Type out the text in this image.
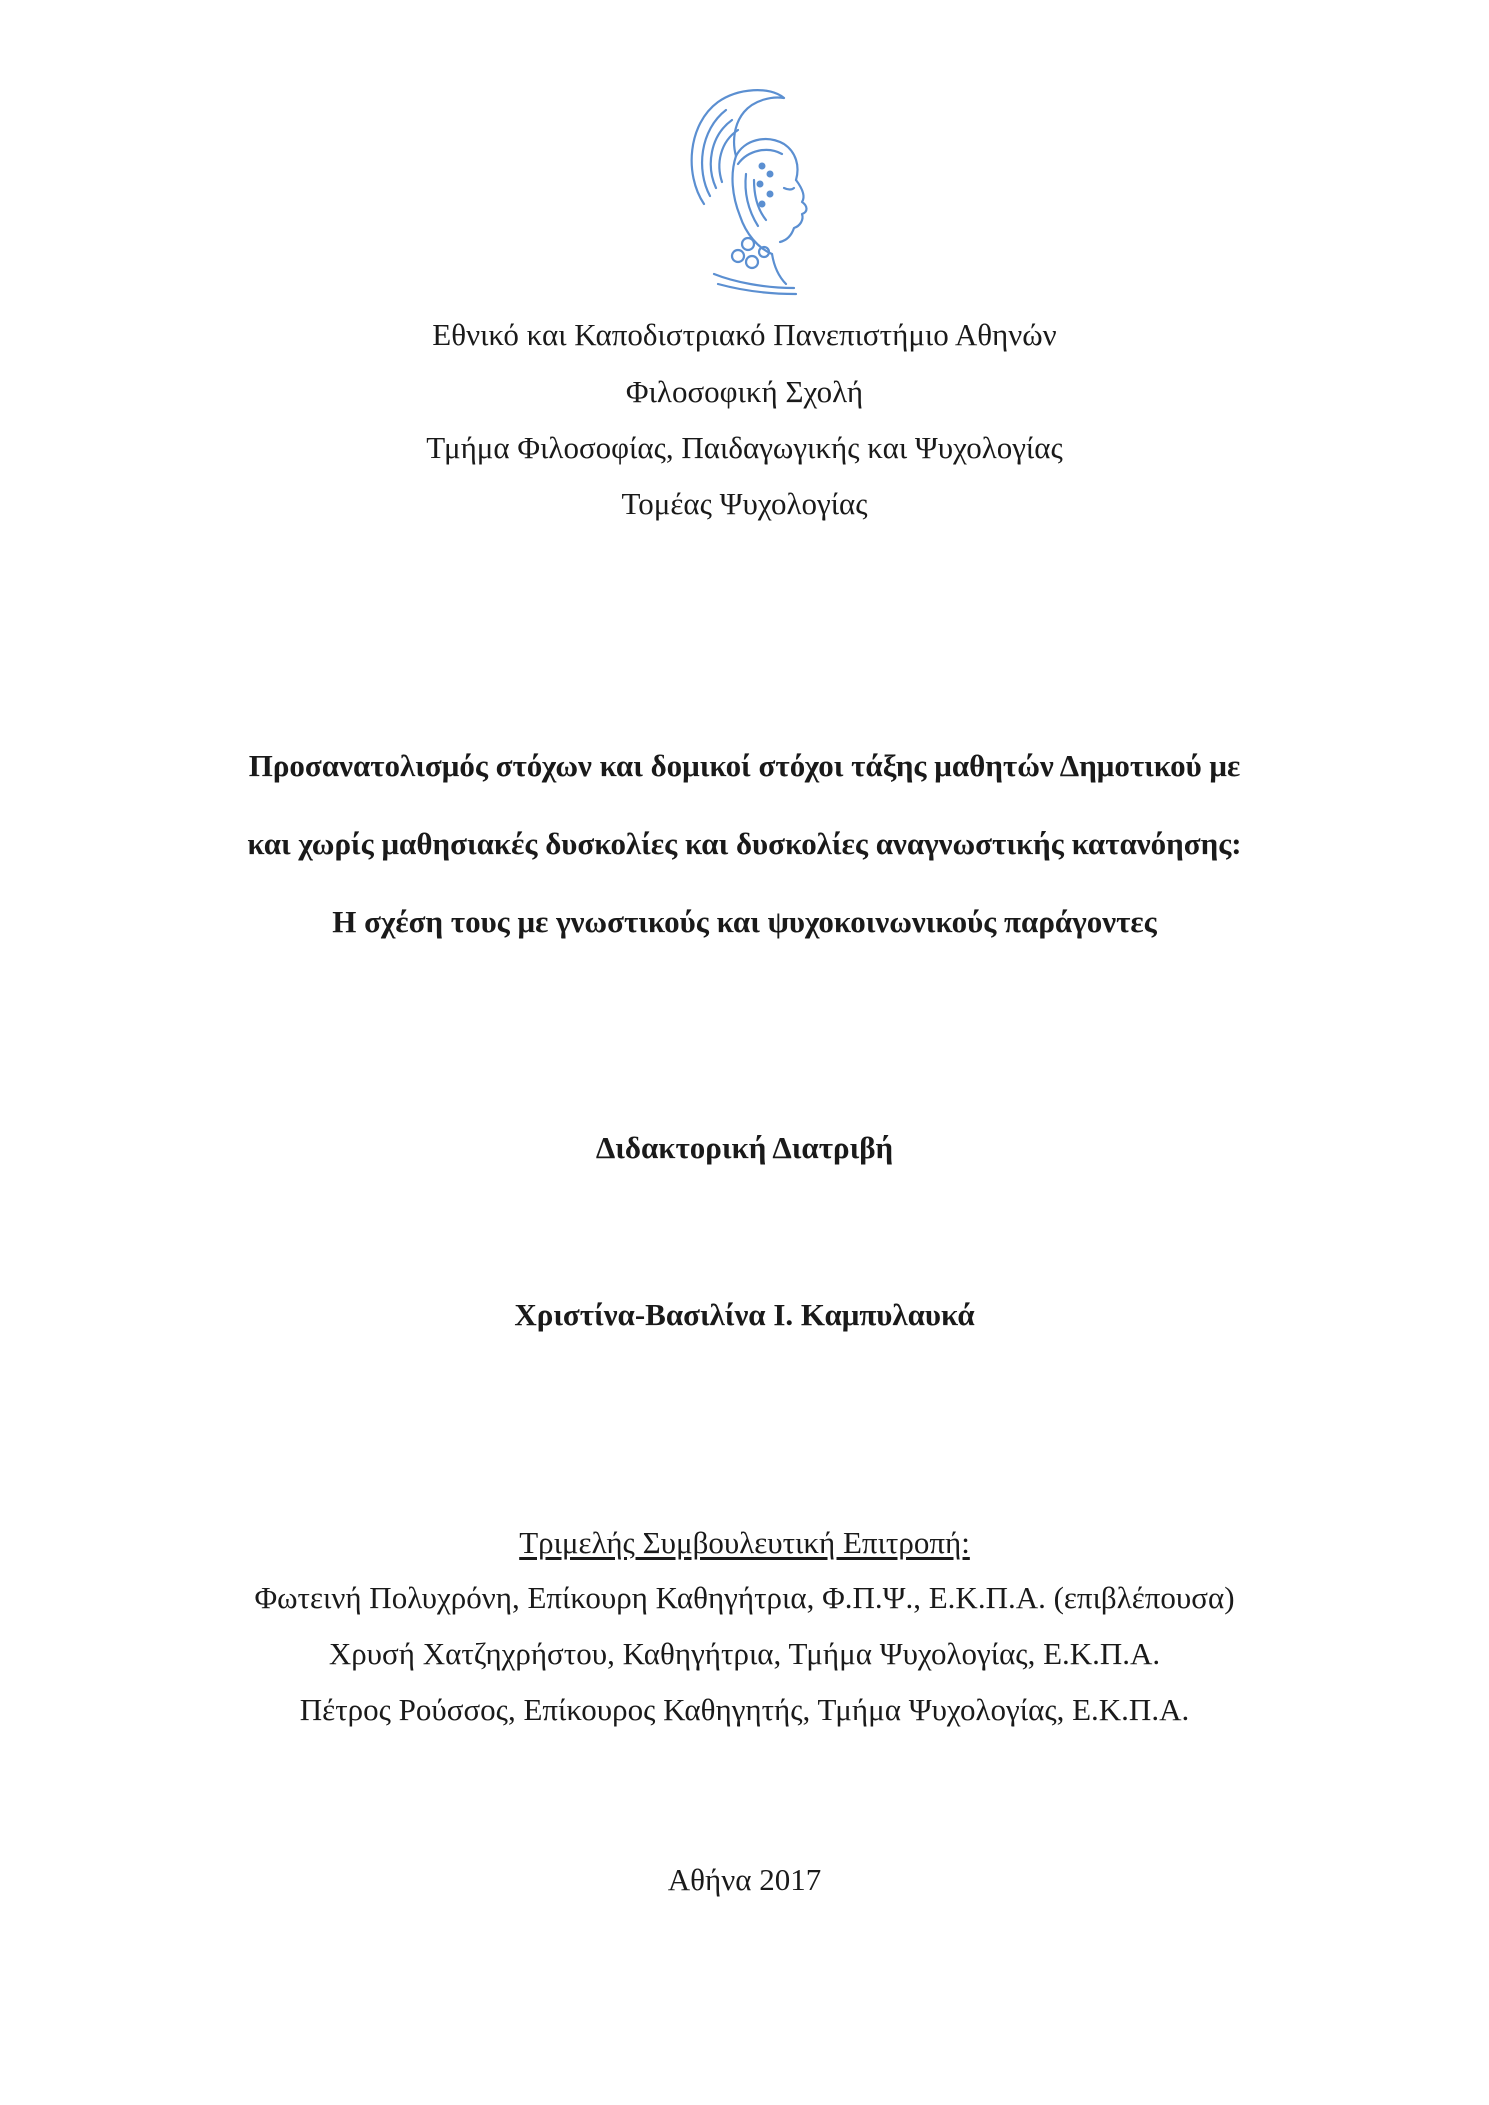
Εθνικό και Καποδιστριακό Πανεπιστήμιο Αθηνών
Φιλοσοφική Σχολή
Τμήμα Φιλοσοφίας, Παιδαγωγικής και Ψυχολογίας
Τομέας Ψυχολογίας
Προσανατολισμός στόχων και δομικοί στόχοι τάξης μαθητών Δημοτικού με
και χωρίς μαθησιακές δυσκολίες και δυσκολίες αναγνωστικής κατανόησης:
Η σχέση τους με γνωστικούς και ψυχοκοινωνικούς παράγοντες
Διδακτορική Διατριβή
Χριστίνα-Βασιλίνα Ι. Καμπυλαυκά
Τριμελής Συμβουλευτική Επιτροπή:
Φωτεινή Πολυχρόνη, Επίκουρη Καθηγήτρια, Φ.Π.Ψ., Ε.Κ.Π.Α. (επιβλέπουσα)
Χρυσή Χατζηχρήστου, Καθηγήτρια, Τμήμα Ψυχολογίας, Ε.Κ.Π.Α.
Πέτρος Ρούσσος, Επίκουρος Καθηγητής, Τμήμα Ψυχολογίας, Ε.Κ.Π.Α.
Αθήνα 2017
